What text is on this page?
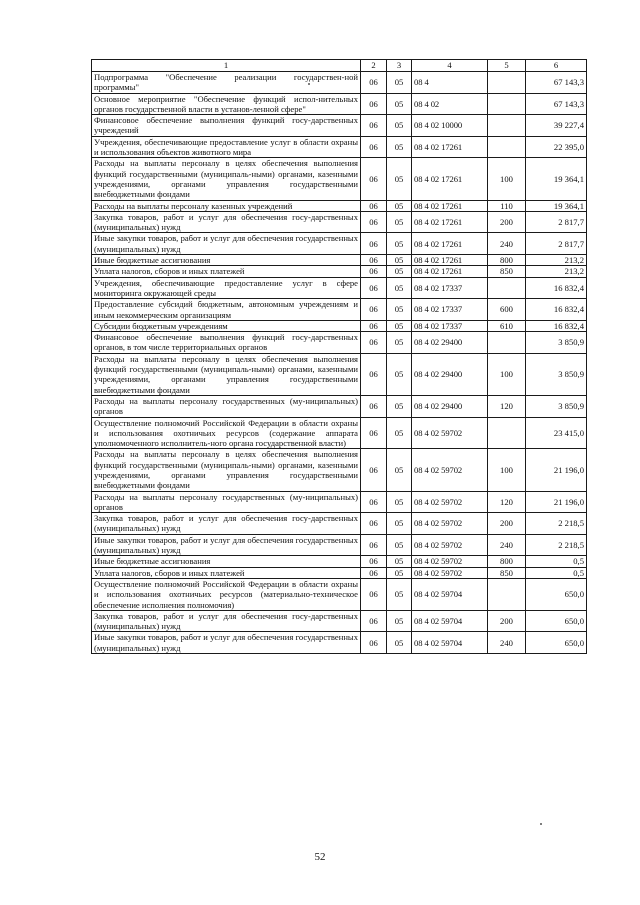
1	2	3	4	5	6
Подпрограмма "Обеспечение реализации государствен-ной программы"	06	05	08 4		67 143,3
Основное мероприятие "Обеспечение функций испол-нительных органов государственной власти в установ-ленной сфере"	06	05	08 4 02		67 143,3
Финансовое обеспечение выполнения функций госу-дарственных учреждений	06	05	08 4 02 10000		39 227,4
Учреждения, обеспечивающие предоставление услуг в области охраны и использования объектов животного мира	06	05	08 4 02 17261		22 395,0
Расходы на выплаты персоналу в целях обеспечения выполнения функций государственными (муниципаль-ными) органами, казенными учреждениями, органами управления государственными внебюджетными фондами	06	05	08 4 02 17261	100	19 364,1
Расходы на выплаты персоналу казенных учреждений	06	05	08 4 02 17261	110	19 364,1
Закупка товаров, работ и услуг для обеспечения госу-дарственных (муниципальных) нужд	06	05	08 4 02 17261	200	2 817,7
Иные закупки товаров, работ и услуг для обеспечения государственных (муниципальных) нужд	06	05	08 4 02 17261	240	2 817,7
Иные бюджетные ассигнования	06	05	08 4 02 17261	800	213,2
Уплата налогов, сборов и иных платежей	06	05	08 4 02 17261	850	213,2
Учреждения, обеспечивающие предоставление услуг в сфере мониторинга окружающей среды	06	05	08 4 02 17337		16 832,4
Предоставление субсидий бюджетным, автономным учреждениям и иным некоммерческим организациям	06	05	08 4 02 17337	600	16 832,4
Субсидии бюджетным учреждениям	06	05	08 4 02 17337	610	16 832,4
Финансовое обеспечение выполнения функций госу-дарственных органов, в том числе территориальных органов	06	05	08 4 02 29400		3 850,9
Расходы на выплаты персоналу в целях обеспечения выполнения функций государственными (муниципаль-ными) органами, казенными учреждениями, органами управления государственными внебюджетными фондами	06	05	08 4 02 29400	100	3 850,9
Расходы на выплаты персоналу государственных (му-ниципальных) органов	06	05	08 4 02 29400	120	3 850,9
Осуществление полномочий Российской Федерации в области охраны и использования охотничьих ресурсов (содержание аппарата уполномоченного исполнитель-ного органа государственной власти)	06	05	08 4 02 59702		23 415,0
Расходы на выплаты персоналу в целях обеспечения выполнения функций государственными (муниципаль-ными) органами, казенными учреждениями, органами управления государственными внебюджетными фондами	06	05	08 4 02 59702	100	21 196,0
Расходы на выплаты персоналу государственных (му-ниципальных) органов	06	05	08 4 02 59702	120	21 196,0
Закупка товаров, работ и услуг для обеспечения госу-дарственных (муниципальных) нужд	06	05	08 4 02 59702	200	2 218,5
Иные закупки товаров, работ и услуг для обеспечения государственных (муниципальных) нужд	06	05	08 4 02 59702	240	2 218,5
Иные бюджетные ассигнования	06	05	08 4 02 59702	800	0,5
Уплата налогов, сборов и иных платежей	06	05	08 4 02 59702	850	0,5
Осуществление полномочий Российской Федерации в области охраны и использования охотничьих ресурсов (материально-техническое обеспечение исполнения полномочия)	06	05	08 4 02 59704		650,0
Закупка товаров, работ и услуг для обеспечения госу-дарственных (муниципальных) нужд	06	05	08 4 02 59704	200	650,0
Иные закупки товаров, работ и услуг для обеспечения государственных (муниципальных) нужд	06	05	08 4 02 59704	240	650,0
52
